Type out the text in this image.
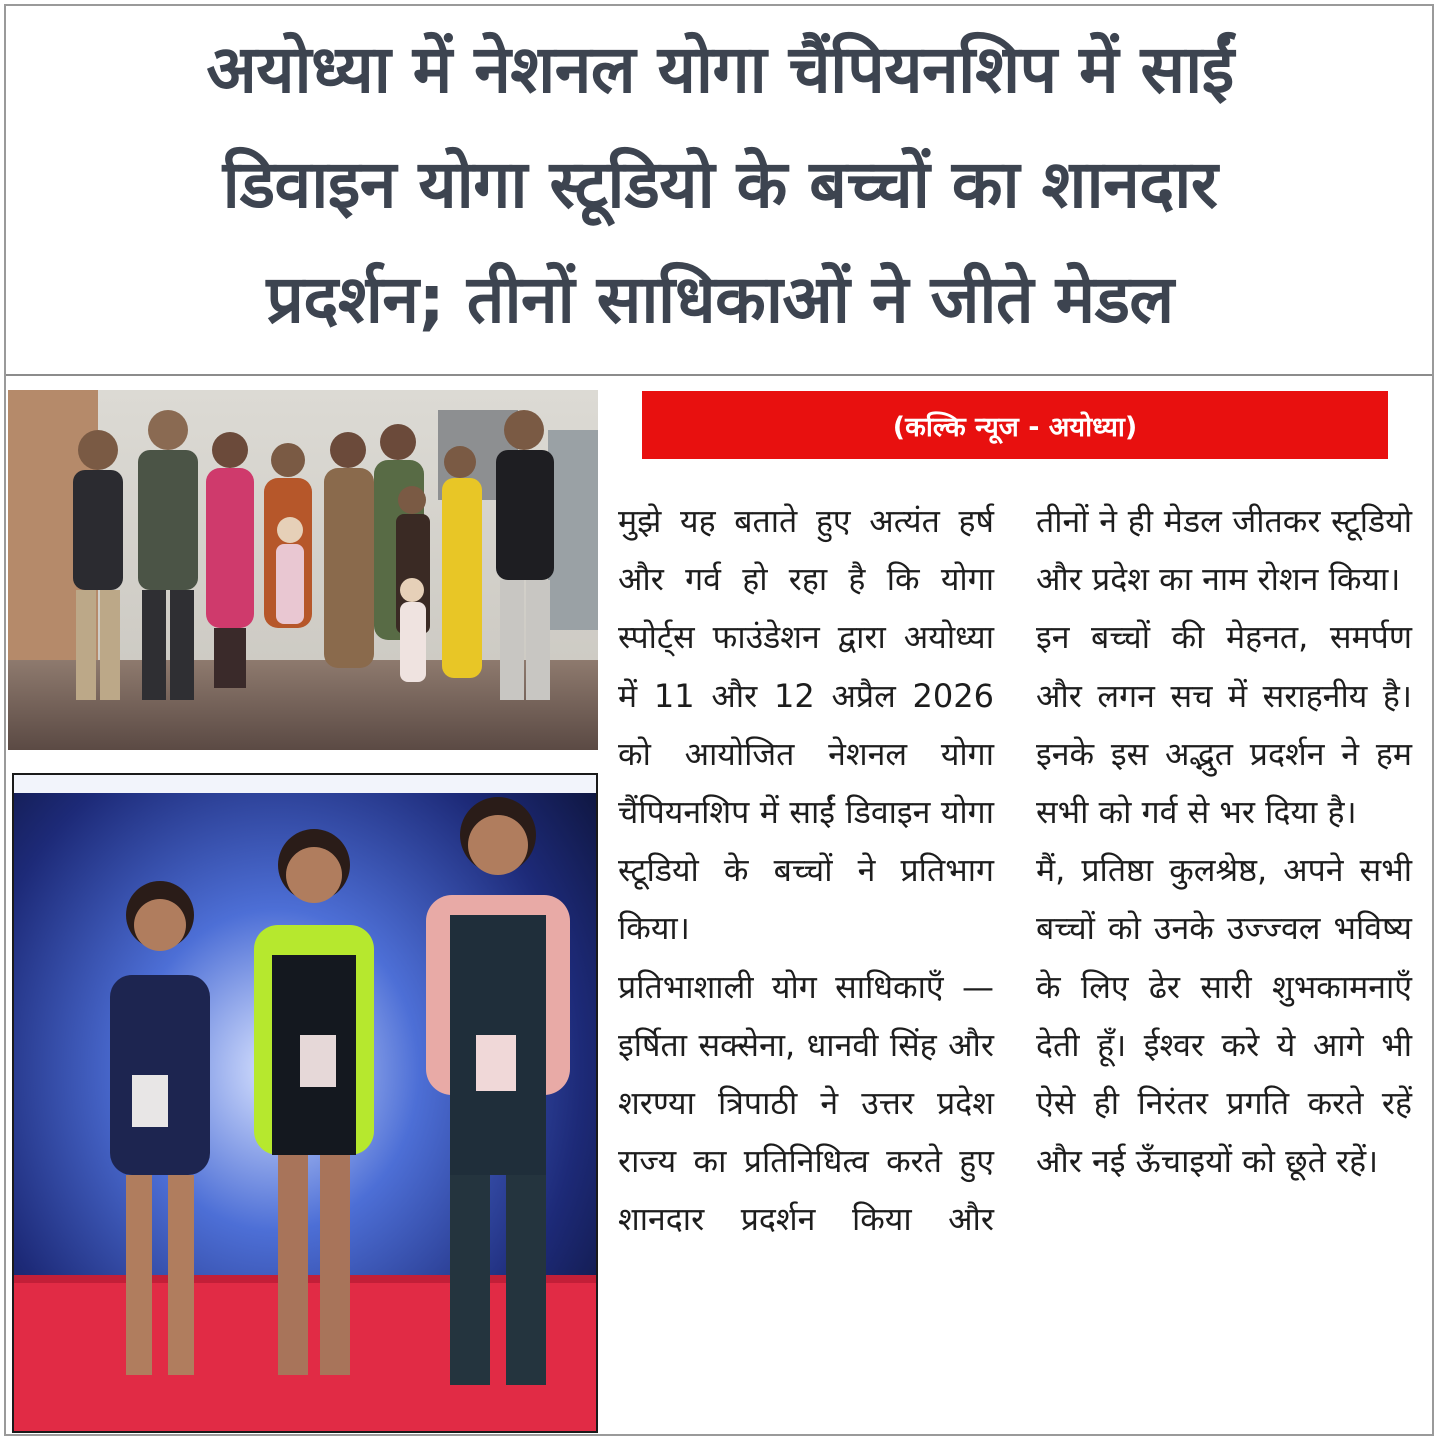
अयोध्या में नेशनल योगा चैंपियनशिप में साईं
डिवाइन योगा स्टूडियो के बच्चों का शानदार
प्रदर्शन; तीनों साधिकाओं ने जीते मेडल
(कल्कि न्यूज - अयोध्या)

मुझे यह बताते हुए अत्यंत हर्ष और गर्व हो रहा है कि योगा स्पोर्ट्स फाउंडेशन द्वारा अयोध्या में 11 और 12 अप्रैल 2026 को आयोजित नेशनल योगा चैंपियनशिप में साईं डिवाइन योगा स्टूडियो के बच्चों ने प्रतिभाग किया।

प्रतिभाशाली योग साधिकाएँ — इर्षिता सक्सेना, धानवी सिंह और शरण्या त्रिपाठी ने उत्तर प्रदेश राज्य का प्रतिनिधित्व करते हुए शानदार प्रदर्शन किया और

तीनों ने ही मेडल जीतकर स्टूडियो और प्रदेश का नाम रोशन किया।

इन बच्चों की मेहनत, समर्पण और लगन सच में सराहनीय है। इनके इस अद्भुत प्रदर्शन ने हम सभी को गर्व से भर दिया है।

मैं, प्रतिष्ठा कुलश्रेष्ठ, अपने सभी बच्चों को उनके उज्ज्वल भविष्य के लिए ढेर सारी शुभकामनाएँ देती हूँ। ईश्वर करे ये आगे भी ऐसे ही निरंतर प्रगति करते रहें और नई ऊँचाइयों को छूते रहें।
